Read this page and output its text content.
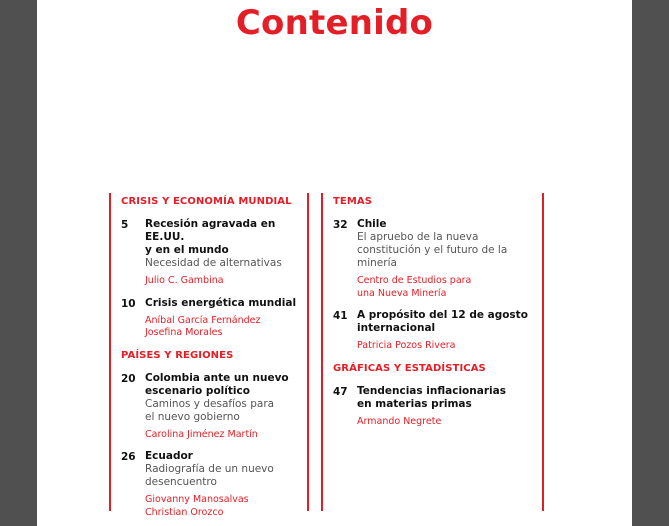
Contenido
CRISIS Y ECONOMÍA MUNDIAL
5 Recesión agravada en EE.UU.
y en el mundo
Necesidad de alternativas
Julio C. Gambina
10 Crisis energética mundial
Aníbal García Fernández
Josefina Morales
PAÍSES Y REGIONES
20 Colombia ante un nuevo
escenario político
Caminos y desafíos para
el nuevo gobierno
Carolina Jiménez Martín
26 Ecuador
Radiografía de un nuevo
desencuentro
Giovanny Manosalvas
Christian Orozco
TEMAS
32 Chile
El apruebo de la nueva
constitución y el futuro de la
minería
Centro de Estudios para
una Nueva Minería
41 A propósito del 12 de agosto
internacional
Patricia Pozos Rivera
GRÁFICAS Y ESTADÍSTICAS
47 Tendencias inflacionarias
en materias primas
Armando Negrete
